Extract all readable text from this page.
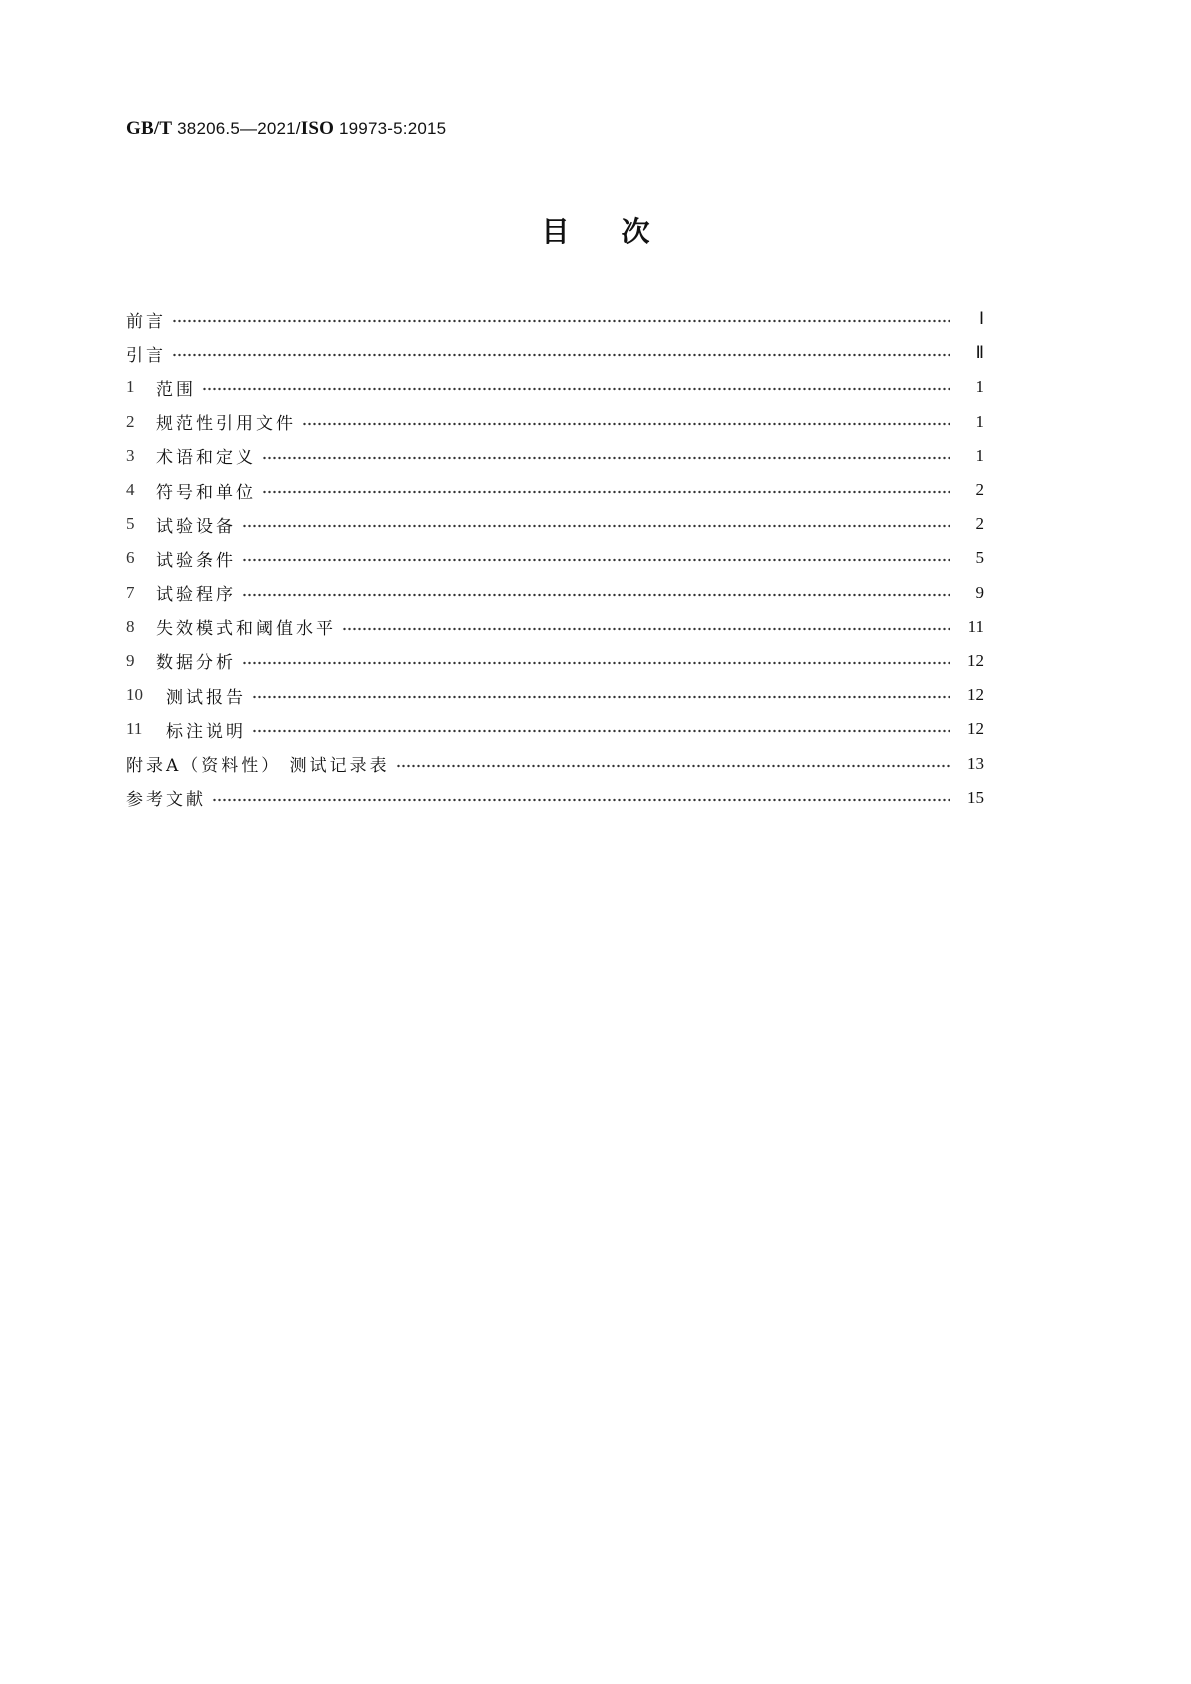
GB/T 38206.5—2021/ISO 19973-5:2015
目次
前言	Ⅰ
引言	Ⅱ
1	范围	1
2	规范性引用文件	1
3	术语和定义	1
4	符号和单位	2
5	试验设备	2
6	试验条件	5
7	试验程序	9
8	失效模式和阈值水平	11
9	数据分析	12
10	测试报告	12
11	标注说明	12
附录A（资料性） 测试记录表	13
参考文献	15
